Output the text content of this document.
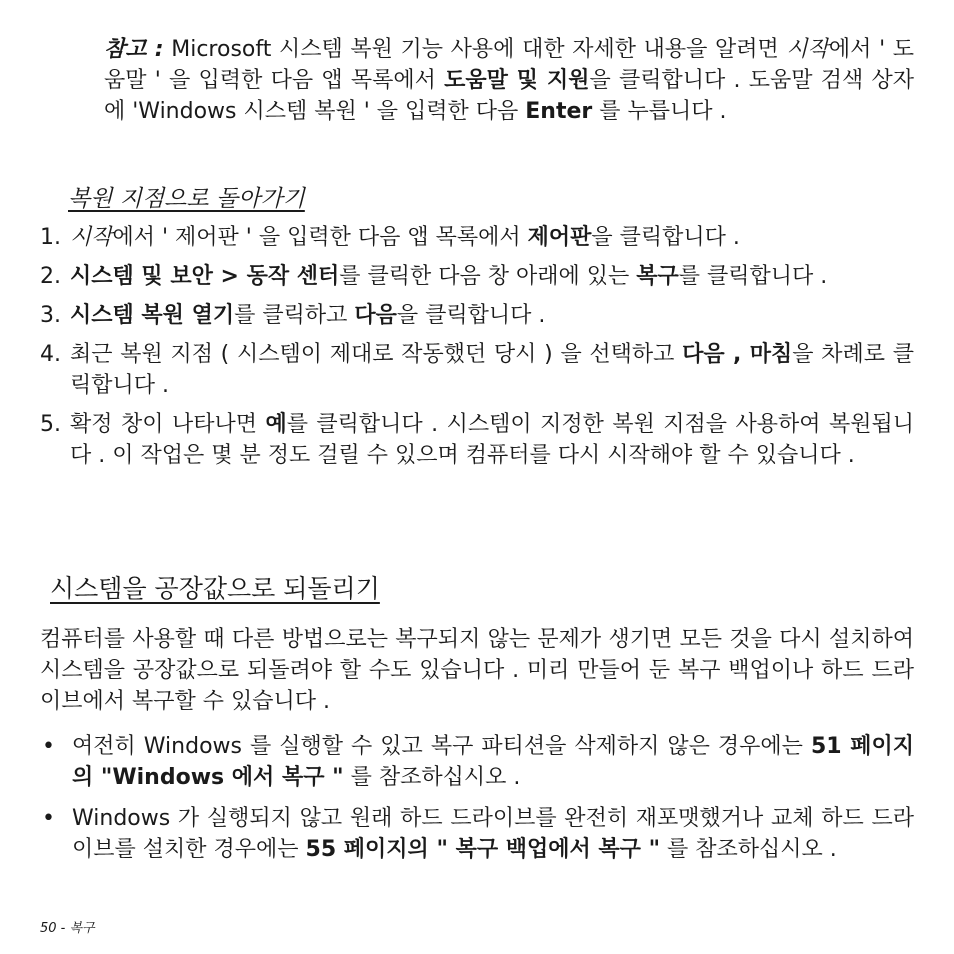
참고 : Microsoft 시스템 복원 기능 사용에 대한 자세한 내용을 알려면 시작에서 ' 도움말 ' 을 입력한 다음 앱 목록에서 도움말 및 지원을 클릭합니다 . 도움말 검색 상자에 'Windows 시스템 복원 ' 을 입력한 다음 Enter 를 누릅니다 .
복원 지점으로 돌아가기
1. 시작에서 ' 제어판 ' 을 입력한 다음 앱 목록에서 제어판을 클릭합니다 .
2. 시스템 및 보안 > 동작 센터를 클릭한 다음 창 아래에 있는 복구를 클릭합니다 .
3. 시스템 복원 열기를 클릭하고 다음을 클릭합니다 .
4. 최근 복원 지점 ( 시스템이 제대로 작동했던 당시 ) 을 선택하고 다음 , 마침을 차례로 클릭합니다 .
5. 확정 창이 나타나면 예를 클릭합니다 . 시스템이 지정한 복원 지점을 사용하여 복원됩니다 . 이 작업은 몇 분 정도 걸릴 수 있으며 컴퓨터를 다시 시작해야 할 수 있습니다 .
시스템을 공장값으로 되돌리기
컴퓨터를 사용할 때 다른 방법으로는 복구되지 않는 문제가 생기면 모든 것을 다시 설치하여 시스템을 공장값으로 되돌려야 할 수도 있습니다 . 미리 만들어 둔 복구 백업이나 하드 드라이브에서 복구할 수 있습니다 .
• 여전히 Windows 를 실행할 수 있고 복구 파티션을 삭제하지 않은 경우에는 51 페이지의 "Windows 에서 복구 " 를 참조하십시오 .
• Windows 가 실행되지 않고 원래 하드 드라이브를 완전히 재포맷했거나 교체 하드 드라이브를 설치한 경우에는 55 페이지의 " 복구 백업에서 복구 " 를 참조하십시오 .
50 - 복구
